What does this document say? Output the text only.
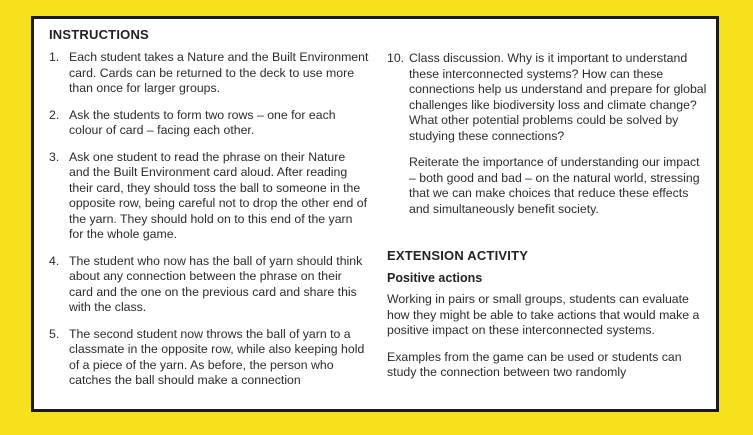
INSTRUCTIONS
1. Each student takes a Nature and the Built Environment card. Cards can be returned to the deck to use more than once for larger groups.
2. Ask the students to form two rows – one for each colour of card – facing each other.
3. Ask one student to read the phrase on their Nature and the Built Environment card aloud. After reading their card, they should toss the ball to someone in the opposite row, being careful not to drop the other end of the yarn. They should hold on to this end of the yarn for the whole game.
4. The student who now has the ball of yarn should think about any connection between the phrase on their card and the one on the previous card and share this with the class.
5. The second student now throws the ball of yarn to a classmate in the opposite row, while also keeping hold of a piece of the yarn. As before, the person who catches the ball should make a connection
10. Class discussion. Why is it important to understand these interconnected systems? How can these connections help us understand and prepare for global challenges like biodiversity loss and climate change? What other potential problems could be solved by studying these connections?
Reiterate the importance of understanding our impact – both good and bad – on the natural world, stressing that we can make choices that reduce these effects and simultaneously benefit society.
EXTENSION ACTIVITY
Positive actions
Working in pairs or small groups, students can evaluate how they might be able to take actions that would make a positive impact on these interconnected systems.
Examples from the game can be used or students can study the connection between two randomly
